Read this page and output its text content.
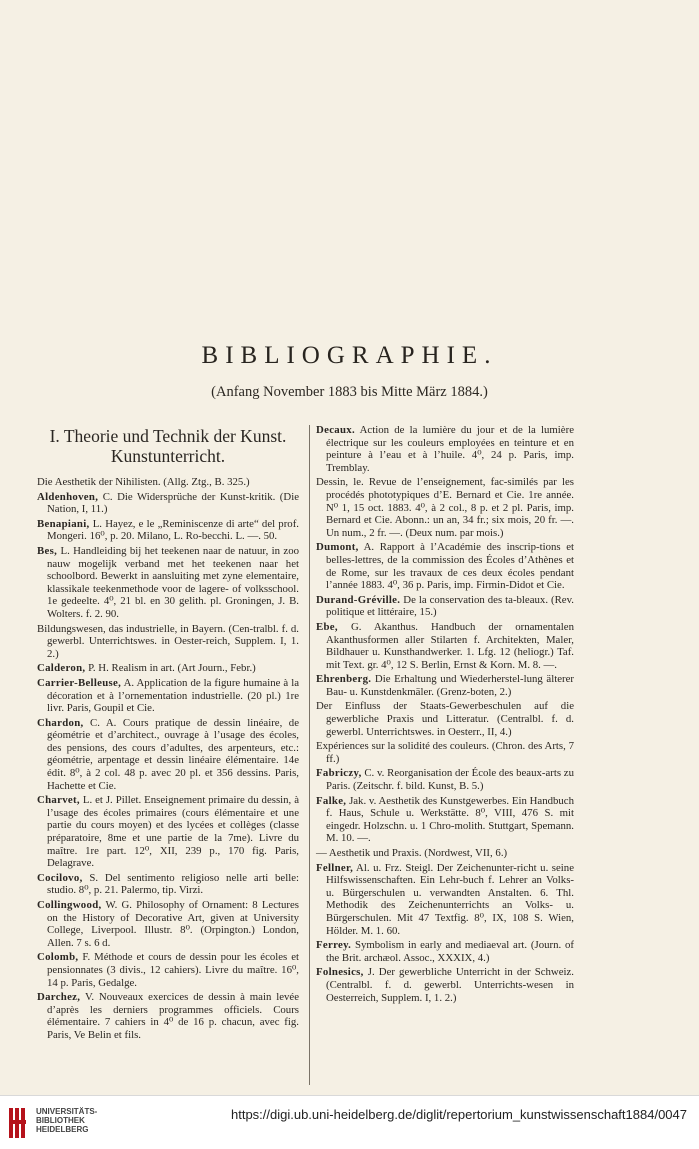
BIBLIOGRAPHIE.
(Anfang November 1883 bis Mitte März 1884.)
I. Theorie und Technik der Kunst. Kunstunterricht.
Die Aesthetik der Nihilisten. (Allg. Ztg., B. 325.)
Aldenhoven, C. Die Widersprüche der Kunst-kritik. (Die Nation, I, 11.)
Benapiani, L. Hayez, e le „Reminiscenze di arte“ del prof. Mongeri. 16⁰, p. 20. Milano, L. Ro-becchi. L. —. 50.
Bes, L. Handleiding bij het teekenen naar de natuur, in zoo nauw mogelijk verband met het teekenen naar het schoolbord. Bewerkt in aansluiting met zyne elementaire, klassikale teekenmethode voor de lagere- of volksschool. 1e gedeelte. 4⁰, 21 bl. en 30 gelith. pl. Groningen, J. B. Wolters. f. 2. 90.
Bildungswesen, das industrielle, in Bayern. (Cen-tralbl. f. d. gewerbl. Unterrichtswes. in Oester-reich, Supplem. I, 1. 2.)
Calderon, P. H. Realism in art. (Art Journ., Febr.)
Carrier-Belleuse, A. Application de la figure humaine à la décoration et à l’ornementation industrielle. (20 pl.) 1re livr. Paris, Goupil et Cie.
Chardon, C. A. Cours pratique de dessin linéaire, de géométrie et d’architect., ouvrage à l’usage des écoles, des pensions, des cours d’adultes, des arpenteurs, etc.: géométrie, arpentage et dessin linéaire élémentaire. 14e édit. 8⁰, à 2 col. 48 p. avec 20 pl. et 356 dessins. Paris, Hachette et Cie.
Charvet, L. et J. Pillet. Enseignement primaire du dessin, à l’usage des écoles primaires (cours élémentaire et une partie du cours moyen) et des lycées et collèges (classe préparatoire, 8me et une partie de la 7me). Livre du maître. 1re part. 12⁰, XII, 239 p., 170 fig. Paris, Delagrave.
Cocilovo, S. Del sentimento religioso nelle arti belle: studio. 8⁰, p. 21. Palermo, tip. Virzi.
Collingwood, W. G. Philosophy of Ornament: 8 Lectures on the History of Decorative Art, given at University College, Liverpool. Illustr. 8⁰. (Orpington.) London, Allen. 7 s. 6 d.
Colomb, F. Méthode et cours de dessin pour les écoles et pensionnates (3 divis., 12 cahiers). Livre du maître. 16⁰, 14 p. Paris, Gedalge.
Darchez, V. Nouveaux exercices de dessin à main levée d’après les derniers programmes officiels. Cours élémentaire. 7 cahiers in 4⁰ de 16 p. chacun, avec fig. Paris, Ve Belin et fils.
Decaux. Action de la lumière du jour et de la lumière électrique sur les couleurs employées en teinture et en peinture à l’eau et à l’huile. 4⁰, 24 p. Paris, imp. Tremblay.
Dessin, le. Revue de l’enseignement, fac-similés par les procédés phototypiques d’E. Bernard et Cie. 1re année. N⁰ 1, 15 oct. 1883. 4⁰, à 2 col., 8 p. et 2 pl. Paris, imp. Bernard et Cie. Abonn.: un an, 34 fr.; six mois, 20 fr. —. Un num., 2 fr. —. (Deux num. par mois.)
Dumont, A. Rapport à l’Académie des inscrip-tions et belles-lettres, de la commission des Écoles d’Athènes et de Rome, sur les travaux de ces deux écoles pendant l’année 1883. 4⁰, 36 p. Paris, imp. Firmin-Didot et Cie.
Durand-Gréville. De la conservation des ta-bleaux. (Rev. politique et littéraire, 15.)
Ebe, G. Akanthus. Handbuch der ornamentalen Akanthusformen aller Stilarten f. Architekten, Maler, Bildhauer u. Kunsthandwerker. 1. Lfg. 12 (heliogr.) Taf. mit Text. gr. 4⁰, 12 S. Berlin, Ernst & Korn. M. 8. —.
Ehrenberg. Die Erhaltung und Wiederherstel-lung älterer Bau- u. Kunstdenkmäler. (Grenz-boten, 2.)
Der Einfluss der Staats-Gewerbeschulen auf die gewerbliche Praxis und Litteratur. (Centralbl. f. d. gewerbl. Unterrichtswes. in Oesterr., II, 4.)
Expériences sur la solidité des couleurs. (Chron. des Arts, 7 ff.)
Fabriczy, C. v. Reorganisation der École des beaux-arts zu Paris. (Zeitschr. f. bild. Kunst, B. 5.)
Falke, Jak. v. Aesthetik des Kunstgewerbes. Ein Handbuch f. Haus, Schule u. Werkstätte. 8⁰, VIII, 476 S. mit eingedr. Holzschn. u. 1 Chro-molith. Stuttgart, Spemann. M. 10. —.
— Aesthetik und Praxis. (Nordwest, VII, 6.)
Fellner, Al. u. Frz. Steigl. Der Zeichenunter-richt u. seine Hilfswissenschaften. Ein Lehr-buch f. Lehrer an Volks- u. Bürgerschulen u. verwandten Anstalten. 6. Thl. Methodik des Zeichenunterrichts an Volks- u. Bürgerschulen. Mit 47 Textfig. 8⁰, IX, 108 S. Wien, Hölder. M. 1. 60.
Ferrey. Symbolism in early and mediaeval art. (Journ. of the Brit. archæol. Assoc., XXXIX, 4.)
Folnesics, J. Der gewerbliche Unterricht in der Schweiz. (Centralbl. f. d. gewerbl. Unterrichts-wesen in Oesterreich, Supplem. I, 1. 2.)
UNIVERSITÄTS-
BIBLIOTHEK
HEIDELBERG
https://digi.ub.uni-heidelberg.de/diglit/repertorium_kunstwissenschaft1884/0047
